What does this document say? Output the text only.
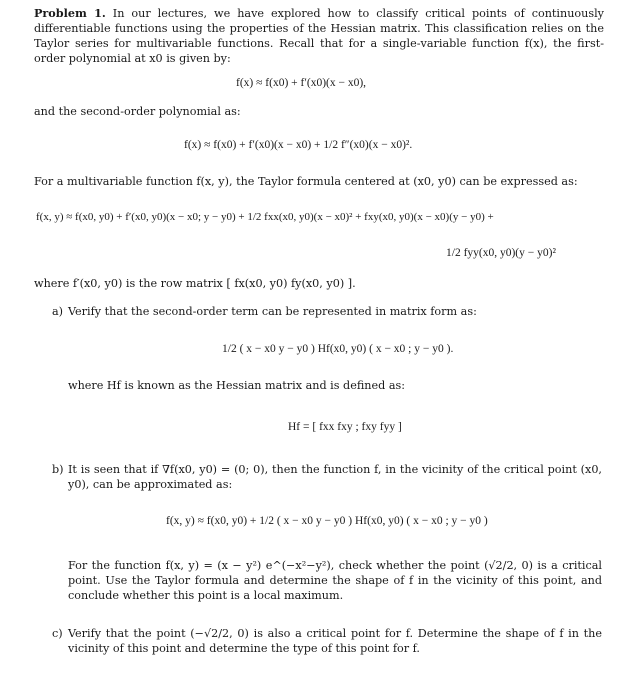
Problem 1. In our lectures, we have explored how to classify critical points of continuously differentiable functions using the properties of the Hessian matrix. This classification relies on the Taylor series for multivariable functions. Recall that for a single-variable function f(x), the first-order polynomial at x0 is given by:
f(x) ≈ f(x0) + f′(x0)(x − x0),
and the second-order polynomial as:
f(x) ≈ f(x0) + f′(x0)(x − x0) + 1/2 f″(x0)(x − x0)².
For a multivariable function f(x, y), the Taylor formula centered at (x0, y0) can be expressed as:
f(x, y) ≈ f(x0, y0) + f′(x0, y0)(x − x0; y − y0) + 1/2 fxx(x0, y0)(x − x0)² + fxy(x0, y0)(x − x0)(y − y0) +
1/2 fyy(x0, y0)(y − y0)²
where f′(x0, y0) is the row matrix [ fx(x0, y0) fy(x0, y0) ].
a) Verify that the second-order term can be represented in matrix form as:
1/2 ( x − x0 y − y0 ) Hf(x0, y0) ( x − x0 ; y − y0 ).
where Hf is known as the Hessian matrix and is defined as:
Hf = [ fxx fxy ; fxy fyy ]
b) It is seen that if ∇f(x0, y0) = (0; 0), then the function f, in the vicinity of the critical point (x0, y0), can be approximated as:
f(x, y) ≈ f(x0, y0) + 1/2 ( x − x0 y − y0 ) Hf(x0, y0) ( x − x0 ; y − y0 )
For the function f(x, y) = (x − y²) e^(−x²−y²), check whether the point (√2/2, 0) is a critical point. Use the Taylor formula and determine the shape of f in the vicinity of this point, and conclude whether this point is a local maximum.
c) Verify that the point (−√2/2, 0) is also a critical point for f. Determine the shape of f in the vicinity of this point and determine the type of this point for f.
